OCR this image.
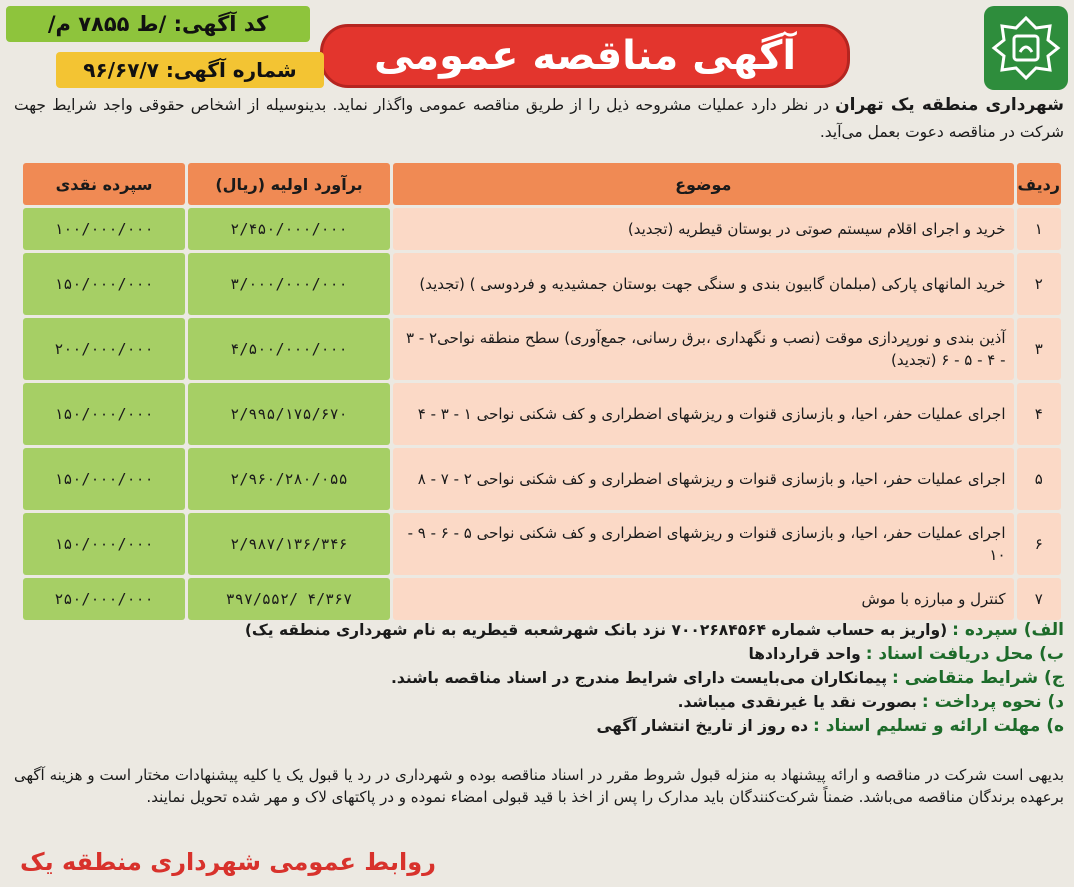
آگهی مناقصه عمومی
کد آگهی: /ط ۷۸۵۵ م/
شماره آگهی: ۹۶/۶۷/۷
شهرداری منطقه یک تهران در نظر دارد عملیات مشروحه ذیل را از طریق مناقصه عمومی واگذار نماید. بدینوسیله از اشخاص حقوقی واجد شرایط جهت شرکت در مناقصه دعوت بعمل می‌آید.
ردیف	موضوع	برآورد اولیه (ریال)	سپرده نقدی
۱	خرید و اجرای اقلام سیستم صوتی در بوستان قیطریه (تجدید)	۲/۴۵۰/۰۰۰/۰۰۰	۱۰۰/۰۰۰/۰۰۰
۲	خرید المانهای پارکی (مبلمان گابیون بندی و سنگی جهت بوستان جمشیدیه و فردوسی ) (تجدید)	۳/۰۰۰/۰۰۰/۰۰۰	۱۵۰/۰۰۰/۰۰۰
۳	آذین بندی و نورپردازی موقت (نصب و نگهداری ،برق رسانی، جمع‌آوری) سطح منطقه نواحی۲ - ۳ - ۴ - ۵ - ۶ (تجدید)	۴/۵۰۰/۰۰۰/۰۰۰	۲۰۰/۰۰۰/۰۰۰
۴	اجرای عملیات حفر، احیا، و بازسازی قنوات و ریزشهای اضطراری و کف شکنی نواحی ۱ - ۳ - ۴	۲/۹۹۵/۱۷۵/۶۷۰	۱۵۰/۰۰۰/۰۰۰
۵	اجرای عملیات حفر، احیا، و بازسازی قنوات و ریزشهای اضطراری و کف شکنی نواحی ۲ - ۷ - ۸	۲/۹۶۰/۲۸۰/۰۵۵	۱۵۰/۰۰۰/۰۰۰
۶	اجرای عملیات حفر، احیا، و بازسازی قنوات و ریزشهای اضطراری و کف شکنی نواحی ۵ - ۶ - ۹ - ۱۰	۲/۹۸۷/۱۳۶/۳۴۶	۱۵۰/۰۰۰/۰۰۰
۷	کنترل و مبارزه با موش	۴/۳۶۷ /۳۹۷/۵۵۲	۲۵۰/۰۰۰/۰۰۰
الف) سپرده : (واریز به حساب شماره ۷۰۰۲۶۸۴۵۶۴ نزد بانک شهرشعبه قیطریه به نام شهرداری منطقه یک)
ب) محل دریافت اسناد : واحد قراردادها
ج) شرایط متقاضی : پیمانکاران می‌بایست دارای شرایط مندرج در اسناد مناقصه باشند.
د) نحوه پرداخت : بصورت نقد یا غیرنقدی میباشد.
ه) مهلت ارائه و تسلیم اسناد : ده روز از تاریخ انتشار آگهی
بدیهی است شرکت در مناقصه و ارائه پیشنهاد به منزله قبول شروط مقرر در اسناد مناقصه بوده و شهرداری در رد یا قبول یک یا کلیه پیشنهادات مختار است و هزینه آگهی برعهده برندگان مناقصه می‌باشد. ضمناً شرکت‌کنندگان باید مدارک را پس از اخذ با قید قبولی امضاء نموده و در پاکتهای لاک و مهر شده تحویل نمایند.
روابط عمومی شهرداری منطقه یک
